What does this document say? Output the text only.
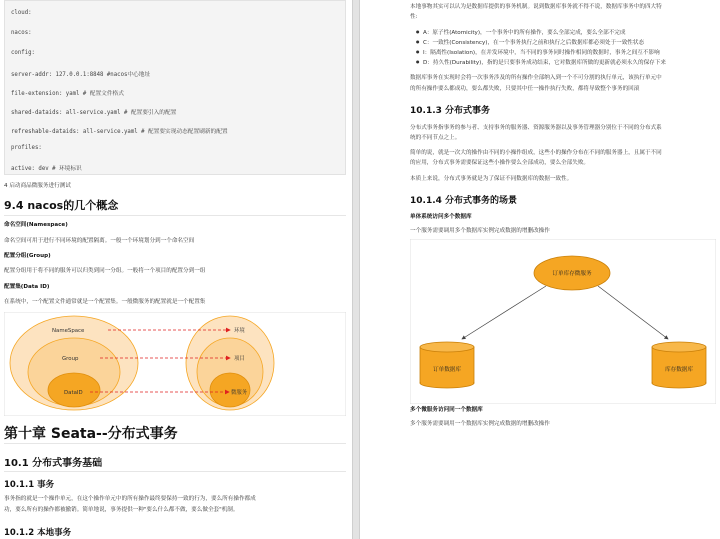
cloud:
nacos:
config:
server-addr: 127.0.0.1:8848 #nacos中心地址
file-extension: yaml # 配置文件格式
shared-dataids: all-service.yaml # 配置要引入的配置
refreshable-dataids: all-service.yaml # 配置要实现动态配置刷新的配置
profiles:
active: dev # 环境标识
4 启动商品微服务进行测试
9.4 nacos的几个概念
命名空间(Namespace)
命名空间可用于进行不同环境的配置隔离。一般一个环境划分到一个命名空间
配置分组(Group)
配置分组用于将不同的服务可以归类到同一分组。一般将一个项目的配置分到一组
配置集(Data ID)
在系统中，一个配置文件通常就是一个配置集。一般微服务的配置就是一个配置集
NameSpace
Group
DataID
环境
项目
微服务
第十章 Seata--分布式事务
10.1 分布式事务基础
10.1.1 事务
事务指的就是一个操作单元，在这个操作单元中的所有操作最终要保持一致的行为，要么所有操作都成
功，要么所有的操作都被撤销。简单地说，事务提供一种"要么什么都不做，要么做全套"机制。
10.1.2 本地事务
本地事物其实可以认为是数据库提供的事务机制。说到数据库事务就不得不说，数据库事务中的四大特
性:
● A：原子性(Atomicity)，一个事务中的所有操作，要么全部完成，要么全部不完成
● C：一致性(Consistency)，在一个事务执行之前和执行之后数据库都必须处于一致性状态
● I：隔离性(Isolation)，在并发环境中，当不同的事务同时操作相同的数据时，事务之间互不影响
● D：持久性(Durability)，指的是只要事务成功结束，它对数据库所做的更新就必须永久的保存下来
数据库事务在实现时会将一次事务涉及的所有操作全部纳入到一个不可分割的执行单元，该执行单元中
的所有操作要么都成功，要么都失败，只要其中任一操作执行失败，都将导致整个事务的回滚
10.1.3 分布式事务
分布式事务指事务的参与者、支持事务的服务器、资源服务器以及事务管理器分别位于不同的分布式系
统的不同节点之上。
简单的说，就是一次大的操作由不同的小操作组成，这些小的操作分布在不同的服务器上，且属于不同
的应用，分布式事务需要保证这些小操作要么全部成功，要么全部失败。
本质上来说，分布式事务就是为了保证不同数据库的数据一致性。
10.1.4 分布式事务的场景
单体系统访问多个数据库
一个服务需要调用多个数据库实例完成数据的增删改操作
订单库存微服务
订单数据库	库存数据库
多个微服务访问同一个数据库
多个服务需要调用一个数据库实例完成数据的增删改操作
